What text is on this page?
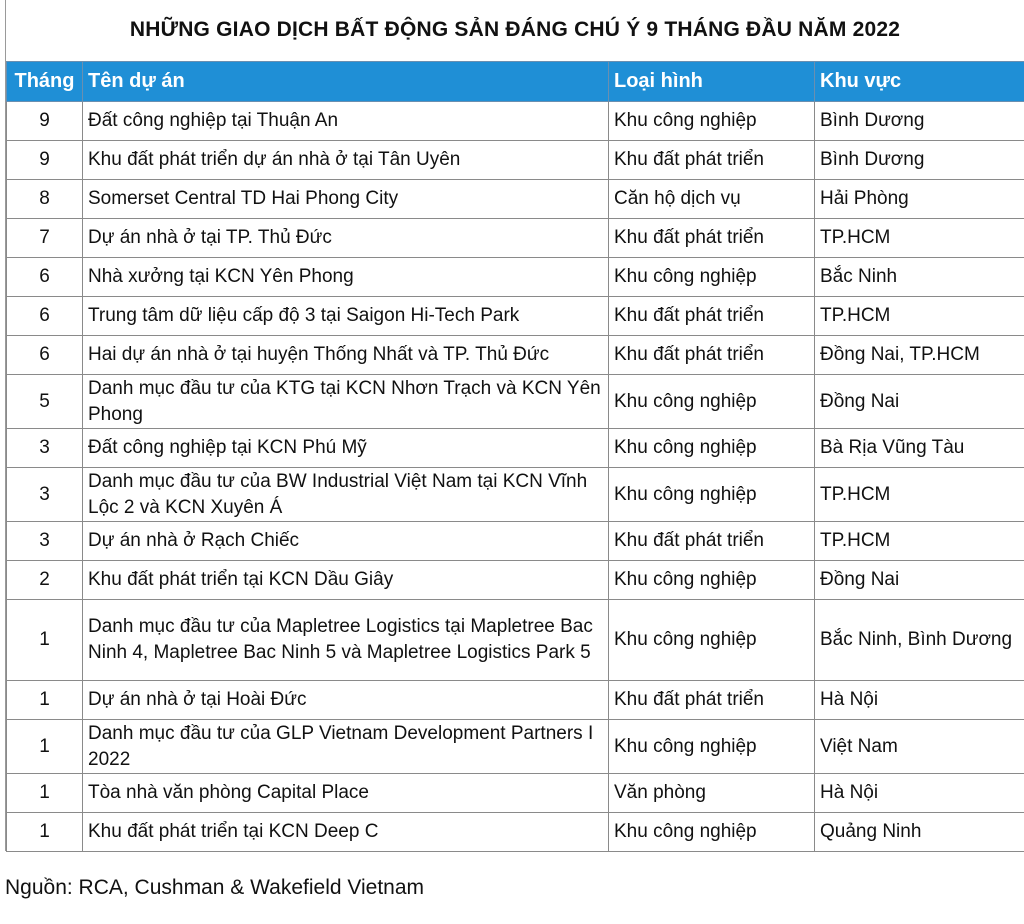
NHỮNG GIAO DỊCH BẤT ĐỘNG SẢN ĐÁNG CHÚ Ý 9 THÁNG ĐẦU NĂM 2022
Tháng	Tên dự án	Loại hình	Khu vực
9	Đất công nghiệp tại Thuận An	Khu công nghiệp	Bình Dương
9	Khu đất phát triển dự án nhà ở tại Tân Uyên	Khu đất phát triển	Bình Dương
8	Somerset Central TD Hai Phong City	Căn hộ dịch vụ	Hải Phòng
7	Dự án nhà ở tại TP. Thủ Đức	Khu đất phát triển	TP.HCM
6	Nhà xưởng tại KCN Yên Phong	Khu công nghiệp	Bắc Ninh
6	Trung tâm dữ liệu cấp độ 3 tại Saigon Hi-Tech Park	Khu đất phát triển	TP.HCM
6	Hai dự án nhà ở tại huyện Thống Nhất và TP. Thủ Đức	Khu đất phát triển	Đồng Nai, TP.HCM
5	Danh mục đầu tư của KTG tại KCN Nhơn Trạch và KCN Yên Phong	Khu công nghiệp	Đồng Nai
3	Đất công nghiệp tại KCN Phú Mỹ	Khu công nghiệp	Bà Rịa Vũng Tàu
3	Danh mục đầu tư của BW Industrial Việt Nam tại KCN Vĩnh Lộc 2 và KCN Xuyên Á	Khu công nghiệp	TP.HCM
3	Dự án nhà ở Rạch Chiếc	Khu đất phát triển	TP.HCM
2	Khu đất phát triển tại KCN Dầu Giây	Khu công nghiệp	Đồng Nai
1	Danh mục đầu tư của Mapletree Logistics tại Mapletree Bac Ninh 4, Mapletree Bac Ninh 5 và Mapletree Logistics Park 5	Khu công nghiệp	Bắc Ninh, Bình Dương
1	Dự án nhà ở tại Hoài Đức	Khu đất phát triển	Hà Nội
1	Danh mục đầu tư của GLP Vietnam Development Partners I 2022	Khu công nghiệp	Việt Nam
1	Tòa nhà văn phòng Capital Place	Văn phòng	Hà Nội
1	Khu đất phát triển tại KCN Deep C	Khu công nghiệp	Quảng Ninh
Nguồn: RCA, Cushman & Wakefield Vietnam
